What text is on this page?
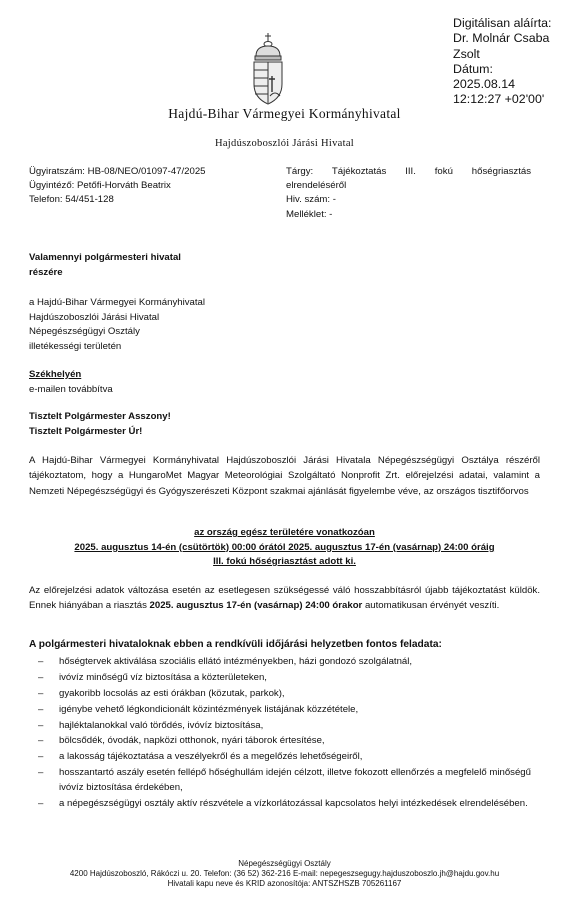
Hajdú-Bihar Vármegyei Kormányhivatal
Hajdúszoboszlói Járási Hivatal
Digitálisan aláírta:
Dr. Molnár Csaba
Zsolt
Dátum:
2025.08.14
12:12:27 +02'00'
Ügyiratszám: HB-08/NEO/01097-47/2025
Ügyintéző: Petőfi-Horváth Beatrix
Telefon: 54/451-128
Tárgy: Tájékoztatás III. fokú hőségriasztás
elrendeléséről
Hiv. szám: -
Melléklet: -
Valamennyi polgármesteri hivatal
részére
a Hajdú-Bihar Vármegyei Kormányhivatal
Hajdúszoboszlói Járási Hivatal
Népegészségügyi Osztály
illetékességi területén
Székhelyén
e-mailen továbbítva
Tisztelt Polgármester Asszony!
Tisztelt Polgármester Úr!
A Hajdú-Bihar Vármegyei Kormányhivatal Hajdúszoboszlói Járási Hivatala Népegészségügyi Osztálya részéről tájékoztatom, hogy a HungaroMet Magyar Meteorológiai Szolgáltató Nonprofit Zrt. előrejelzési adatai, valamint a Nemzeti Népegészségügyi és Gyógyszerészeti Központ szakmai ajánlását figyelembe véve, az országos tisztifőorvos
az ország egész területére vonatkozóan
2025. augusztus 14-én (csütörtök) 00:00 órától 2025. augusztus 17-én (vasárnap) 24:00 óráig
III. fokú hőségriasztást adott ki.
Az előrejelzési adatok változása esetén az esetlegesen szükségessé váló hosszabbításról újabb tájékoztatást küldök. Ennek hiányában a riasztás 2025. augusztus 17-én (vasárnap) 24:00 órakor automatikusan érvényét veszíti.
A polgármesteri hivataloknak ebben a rendkívüli időjárási helyzetben fontos feladata:
– hőségtervek aktiválása szociális ellátó intézményekben, házi gondozó szolgálatnál,
– ivóvíz minőségű víz biztosítása a közterületeken,
– gyakoribb locsolás az esti órákban (közutak, parkok),
– igénybe vehető légkondicionált közintézmények listájának közzététele,
– hajléktalanokkal való törődés, ivóvíz biztosítása,
– bölcsődék, óvodák, napközi otthonok, nyári táborok értesítése,
– a lakosság tájékoztatása a veszélyekről és a megelőzés lehetőségeiről,
– hosszantartó aszály esetén fellépő hőséghullám idején célzott, illetve fokozott ellenőrzés a megfelelő minőségű ivóvíz biztosítása érdekében,
– a népegészségügyi osztály aktív részvétele a vízkorlátozással kapcsolatos helyi intézkedések elrendelésében.
Népegészségügyi Osztály
4200 Hajdúszoboszló, Rákóczi u. 20. Telefon: (36 52) 362-216 E-mail: nepegeszsegugy.hajduszoboszlo.jh@hajdu.gov.hu
Hivatali kapu neve és KRID azonosítója: ANTSZHSZB 705261167
